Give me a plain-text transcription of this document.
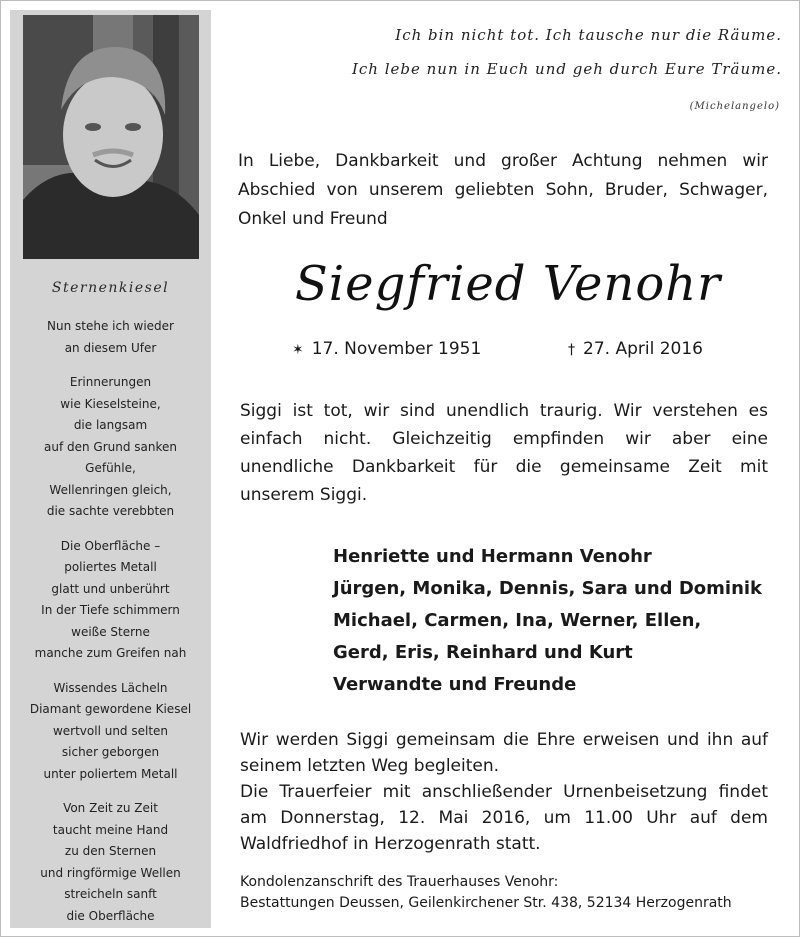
Sternenkiesel
Nun stehe ich wieder
an diesem Ufer
Erinnerungen
wie Kieselsteine,
die langsam
auf den Grund sanken
Gefühle,
Wellenringen gleich,
die sachte verebbten
Die Oberfläche –
poliertes Metall
glatt und unberührt
In der Tiefe schimmern
weiße Sterne
manche zum Greifen nah
Wissendes Lächeln
Diamant gewordene Kiesel
wertvoll und selten
sicher geborgen
unter poliertem Metall
Von Zeit zu Zeit
taucht meine Hand
zu den Sternen
und ringförmige Wellen
streicheln sanft
die Oberfläche
Ich bin nicht tot. Ich tausche nur die Räume.
Ich lebe nun in Euch und geh durch Eure Träume.
(Michelangelo)
In Liebe, Dankbarkeit und großer Achtung nehmen wir Abschied von unserem geliebten Sohn, Bruder, Schwager, Onkel und Freund
Siegfried Venohr
✶ 17. November 1951	† 27. April 2016
Siggi ist tot, wir sind unendlich traurig. Wir verstehen es einfach nicht. Gleichzeitig empfinden wir aber eine unendliche Dankbarkeit für die gemeinsame Zeit mit unserem Siggi.
Henriette und Hermann Venohr
Jürgen, Monika, Dennis, Sara und Dominik
Michael, Carmen, Ina, Werner, Ellen,
Gerd, Eris, Reinhard und Kurt
Verwandte und Freunde
Wir werden Siggi gemeinsam die Ehre erweisen und ihn auf seinem letzten Weg begleiten.
Die Trauerfeier mit anschließender Urnenbeisetzung findet am Donnerstag, 12. Mai 2016, um 11.00 Uhr auf dem Waldfriedhof in Herzogenrath statt.
Kondolenzanschrift des Trauerhauses Venohr:
Bestattungen Deussen, Geilenkirchener Str. 438, 52134 Herzogenrath
